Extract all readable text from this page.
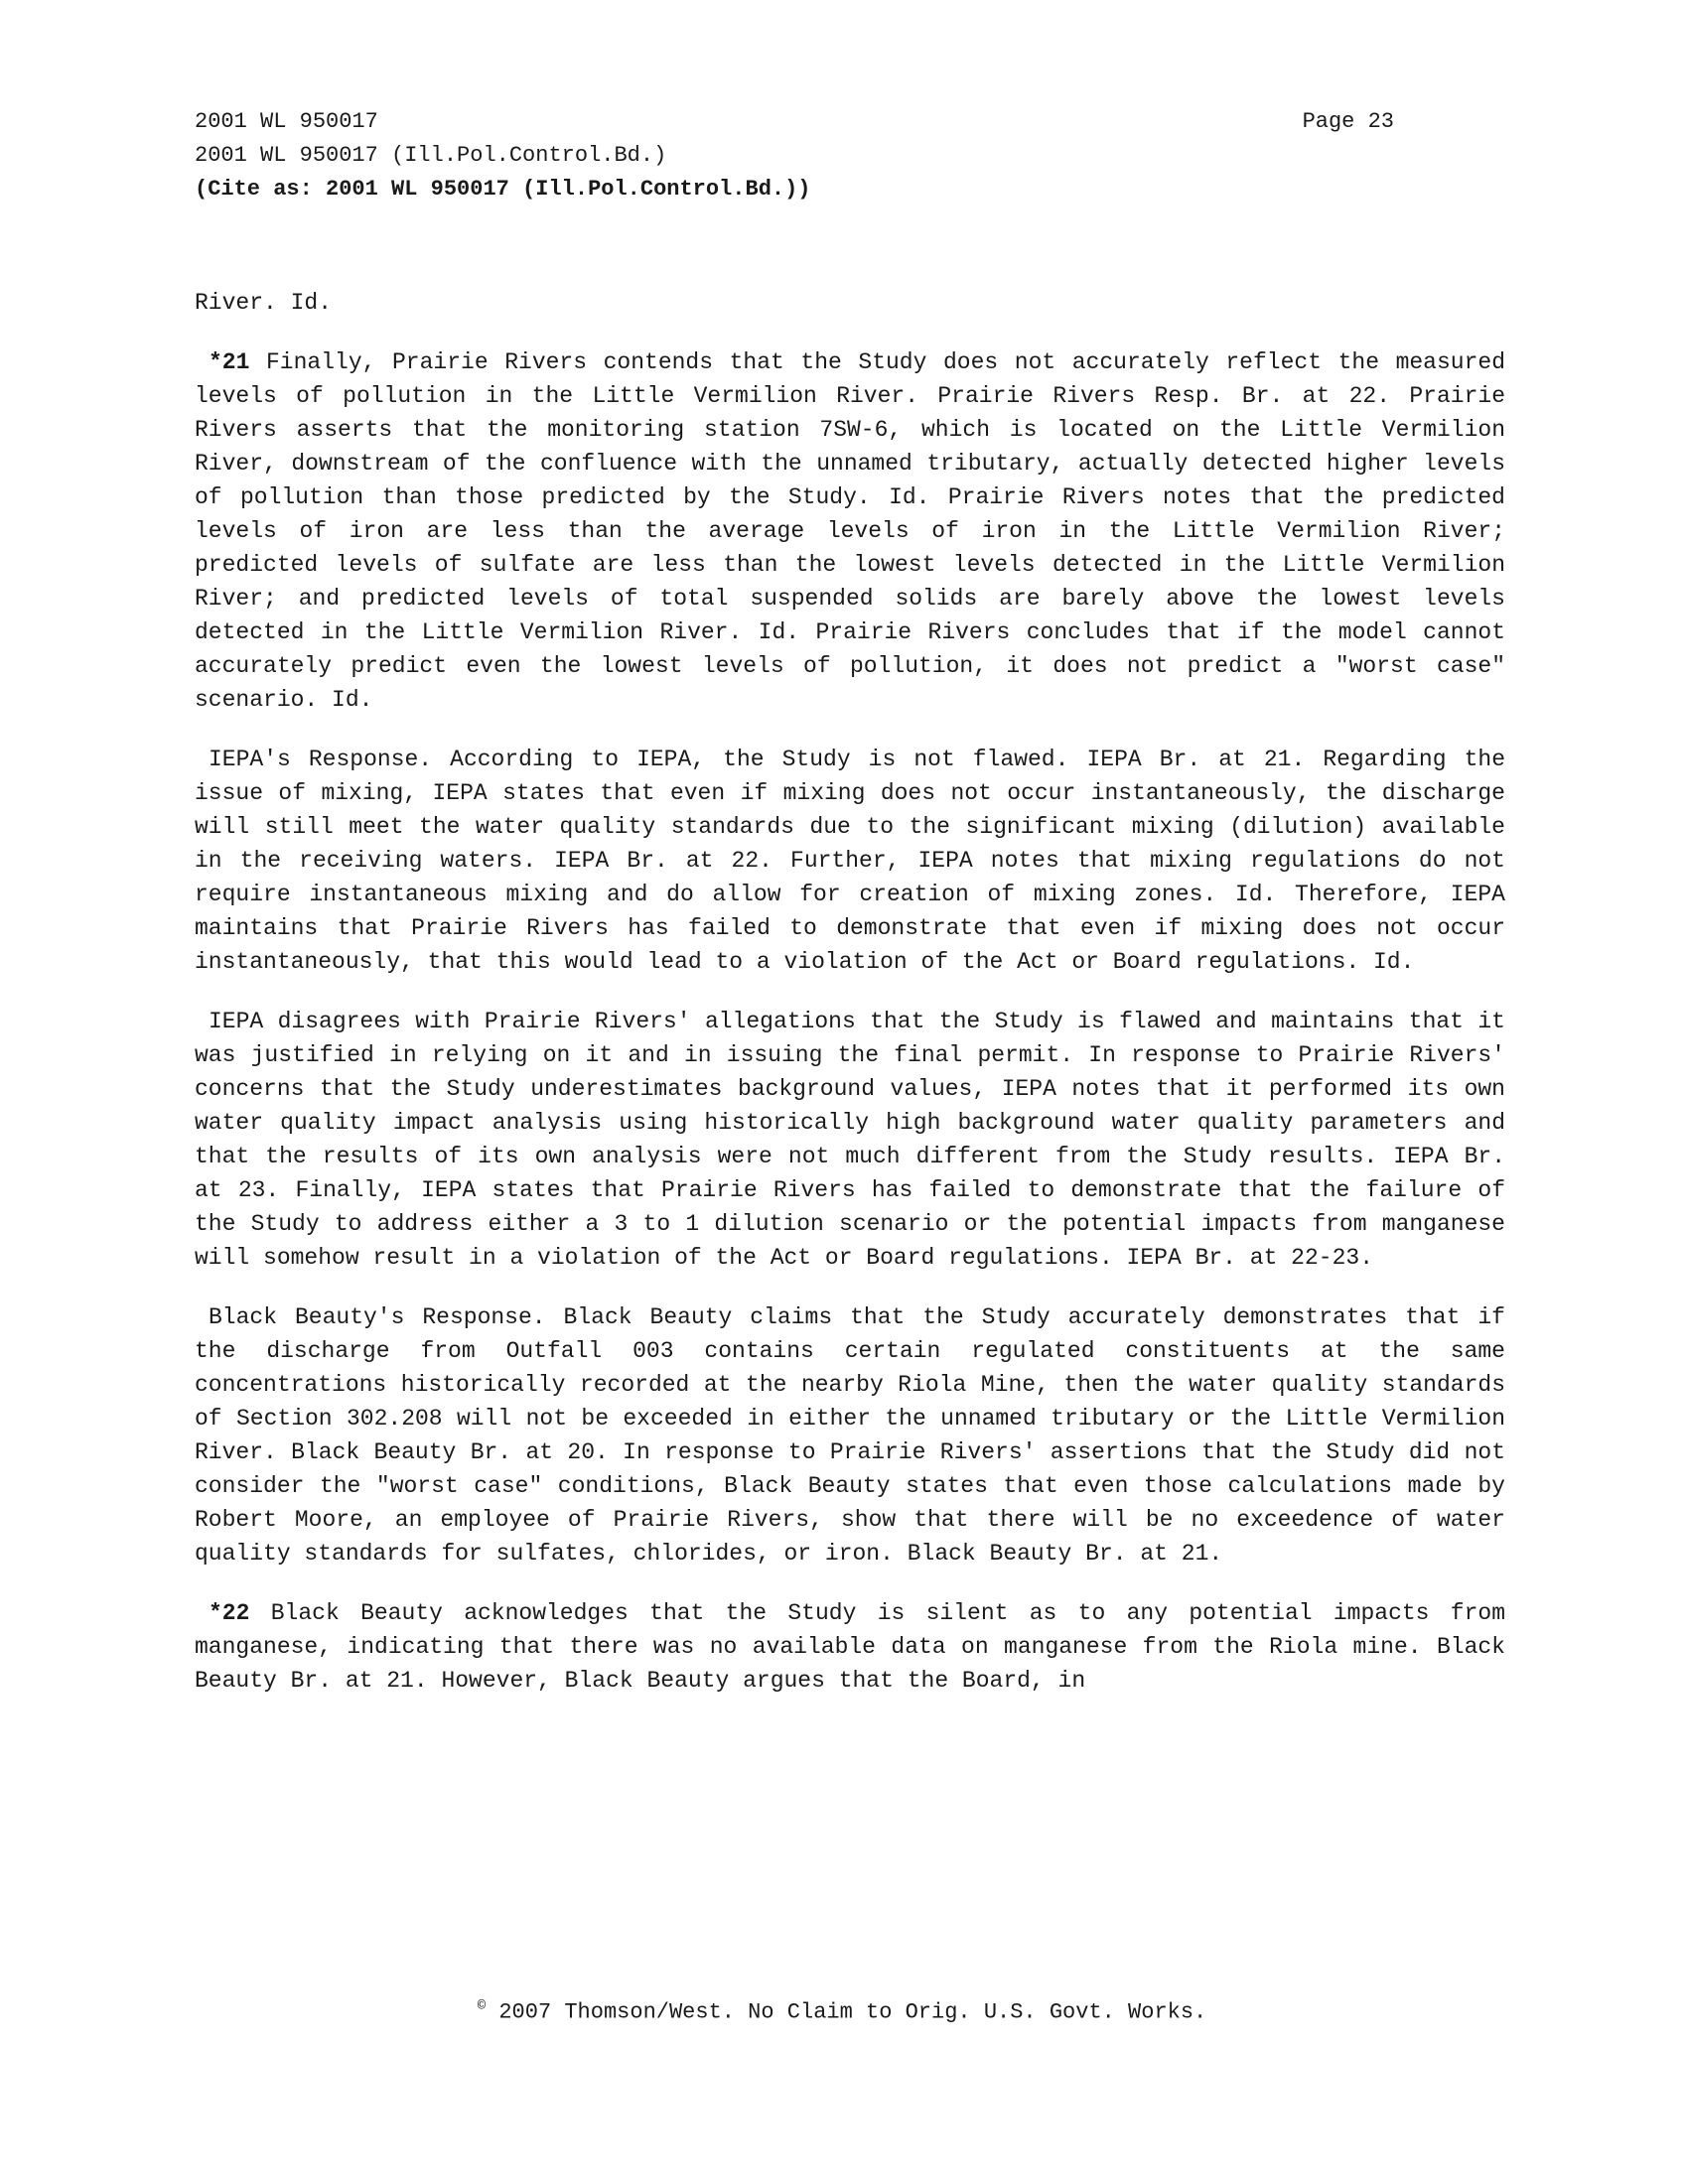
2001 WL 950017
2001 WL 950017 (Ill.Pol.Control.Bd.)
(Cite as: 2001 WL 950017 (Ill.Pol.Control.Bd.))
Page 23

River. Id.

*21 Finally, Prairie Rivers contends that the Study does not accurately reflect the measured levels of pollution in the Little Vermilion River. Prairie Rivers Resp. Br. at 22. Prairie Rivers asserts that the monitoring station 7SW-6, which is located on the Little Vermilion River, downstream of the confluence with the unnamed tributary, actually detected higher levels of pollution than those predicted by the Study. Id. Prairie Rivers notes that the predicted levels of iron are less than the average levels of iron in the Little Vermilion River; predicted levels of sulfate are less than the lowest levels detected in the Little Vermilion River; and predicted levels of total suspended solids are barely above the lowest levels detected in the Little Vermilion River. Id. Prairie Rivers concludes that if the model cannot accurately predict even the lowest levels of pollution, it does not predict a "worst case" scenario. Id.

IEPA's Response. According to IEPA, the Study is not flawed. IEPA Br. at 21. Regarding the issue of mixing, IEPA states that even if mixing does not occur instantaneously, the discharge will still meet the water quality standards due to the significant mixing (dilution) available in the receiving waters. IEPA Br. at 22. Further, IEPA notes that mixing regulations do not require instantaneous mixing and do allow for creation of mixing zones. Id. Therefore, IEPA maintains that Prairie Rivers has failed to demonstrate that even if mixing does not occur instantaneously, that this would lead to a violation of the Act or Board regulations. Id.

IEPA disagrees with Prairie Rivers' allegations that the Study is flawed and maintains that it was justified in relying on it and in issuing the final permit. In response to Prairie Rivers' concerns that the Study underestimates background values, IEPA notes that it performed its own water quality impact analysis using historically high background water quality parameters and that the results of its own analysis were not much different from the Study results. IEPA Br. at 23. Finally, IEPA states that Prairie Rivers has failed to demonstrate that the failure of the Study to address either a 3 to 1 dilution scenario or the potential impacts from manganese will somehow result in a violation of the Act or Board regulations. IEPA Br. at 22-23.

Black Beauty's Response. Black Beauty claims that the Study accurately demonstrates that if the discharge from Outfall 003 contains certain regulated constituents at the same concentrations historically recorded at the nearby Riola Mine, then the water quality standards of Section 302.208 will not be exceeded in either the unnamed tributary or the Little Vermilion River. Black Beauty Br. at 20. In response to Prairie Rivers' assertions that the Study did not consider the "worst case" conditions, Black Beauty states that even those calculations made by Robert Moore, an employee of Prairie Rivers, show that there will be no exceedence of water quality standards for sulfates, chlorides, or iron. Black Beauty Br. at 21.

*22 Black Beauty acknowledges that the Study is silent as to any potential impacts from manganese, indicating that there was no available data on manganese from the Riola mine. Black Beauty Br. at 21. However, Black Beauty argues that the Board, in

© 2007 Thomson/West. No Claim to Orig. U.S. Govt. Works.
